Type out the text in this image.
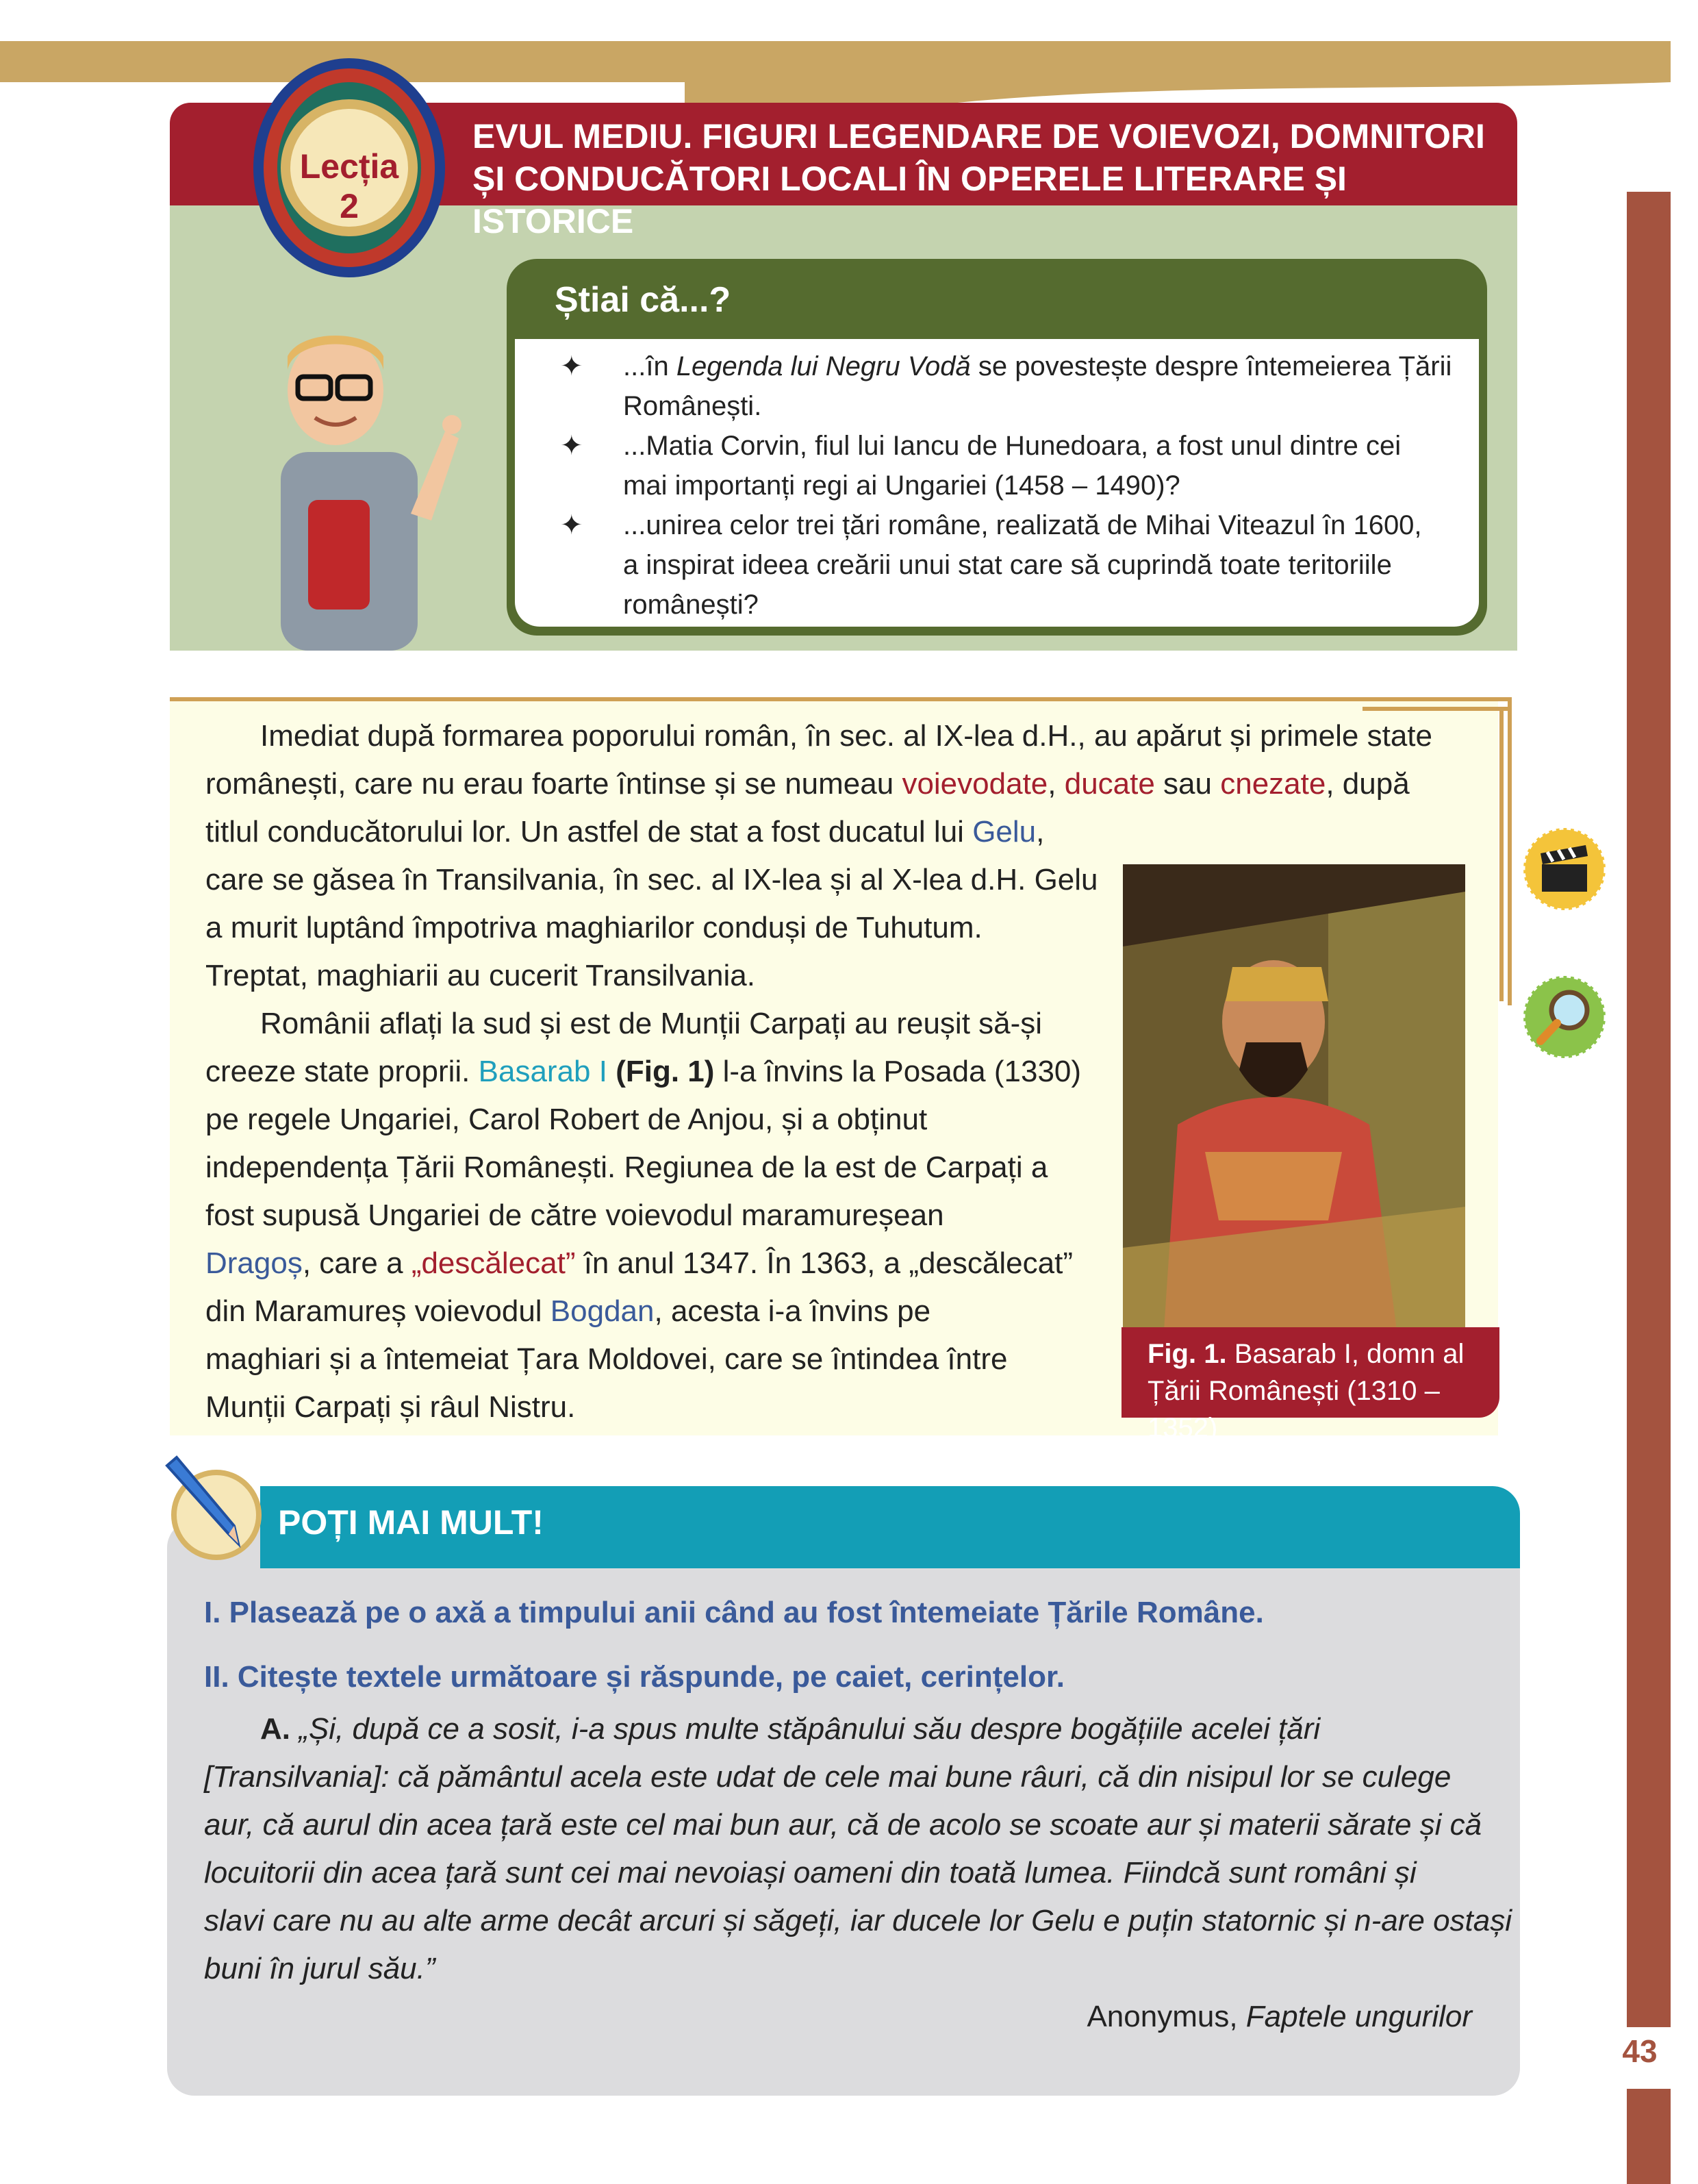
43
EVUL MEDIU. FIGURI LEGENDARE DE VOIEVOZI, DOMNITORI
ȘI CONDUCĂTORI LOCALI ÎN OPERELE LITERARE ȘI ISTORICE
Lecția 2
Știai că...?
✦ ...în Legenda lui Negru Vodă se povestește despre întemeierea Țării
Românești.
✦ ...Matia Corvin, fiul lui Iancu de Hunedoara, a fost unul dintre cei
mai importanți regi ai Ungariei (1458 – 1490)?
✦ ...unirea celor trei țări române, realizată de Mihai Viteazul în 1600,
a inspirat ideea creării unui stat care să cuprindă toate teritoriile
românești?
Imediat după formarea poporului român, în sec. al IX-lea d.H., au apărut și primele state
românești, care nu erau foarte întinse și se numeau voievodate, ducate sau cnezate, după
titlul conducătorului lor. Un astfel de stat a fost ducatul lui Gelu,
care se găsea în Transilvania, în sec. al IX-lea și al X-lea d.H. Gelu
a murit luptând împotriva maghiarilor conduși de Tuhutum.
Treptat, maghiarii au cucerit Transilvania.
Românii aflați la sud și est de Munții Carpați au reușit să-și
creeze state proprii. Basarab I (Fig. 1) l-a învins la Posada (1330)
pe regele Ungariei, Carol Robert de Anjou, și a obținut
independența Țării Românești. Regiunea de la est de Carpați a
fost supusă Ungariei de către voievodul maramureșean
Dragoș, care a „descălecat” în anul 1347. În 1363, a „descălecat”
din Maramureș voievodul Bogdan, acesta i-a învins pe
maghiari și a întemeiat Țara Moldovei, care se întindea între
Munții Carpați și râul Nistru.
Fig. 1. Basarab I, domn al
Țării Românești (1310 – 1352)
POȚI MAI MULT!
I. Plasează pe o axă a timpului anii când au fost întemeiate Țările Române.
II. Citește textele următoare și răspunde, pe caiet, cerințelor.
A. „Și, după ce a sosit, i-a spus multe stăpânului său despre bogățiile acelei țări
[Transilvania]: că pământul acela este udat de cele mai bune râuri, că din nisipul lor se culege
aur, că aurul din acea țară este cel mai bun aur, că de acolo se scoate aur și materii sărate și că
locuitorii din acea țară sunt cei mai nevoiași oameni din toată lumea. Fiindcă sunt români și
slavi care nu au alte arme decât arcuri și săgeți, iar ducele lor Gelu e puțin statornic și n-are ostași
buni în jurul său.”
Anonymus, Faptele ungurilor
